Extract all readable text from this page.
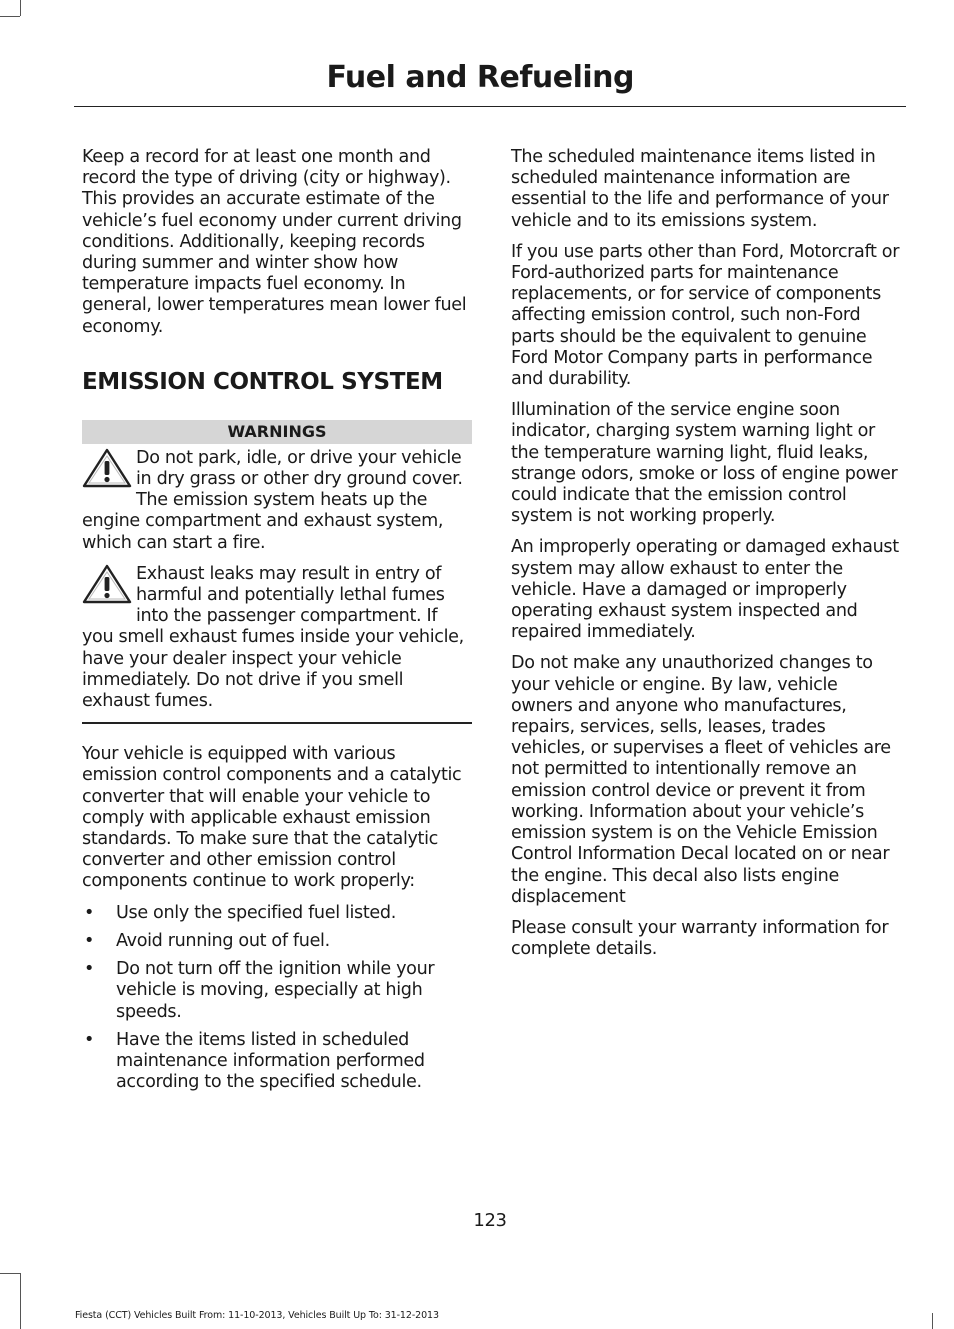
Fuel and Refueling

Keep a record for at least one month and record the type of driving (city or highway). This provides an accurate estimate of the vehicle’s fuel economy under current driving conditions. Additionally, keeping records during summer and winter show how temperature impacts fuel economy. In general, lower temperatures mean lower fuel economy.

EMISSION CONTROL SYSTEM
WARNINGS

Do not park, idle, or drive your vehicle in dry grass or other dry ground cover. The emission system heats up the engine compartment and exhaust system, which can start a fire.

Exhaust leaks may result in entry of harmful and potentially lethal fumes into the passenger compartment. If you smell exhaust fumes inside your vehicle, have your dealer inspect your vehicle immediately. Do not drive if you smell exhaust fumes.

Your vehicle is equipped with various emission control components and a catalytic converter that will enable your vehicle to comply with applicable exhaust emission standards. To make sure that the catalytic converter and other emission control components continue to work properly:

• Use only the specified fuel listed.
• Avoid running out of fuel.
• Do not turn off the ignition while your vehicle is moving, especially at high speeds.
• Have the items listed in scheduled maintenance information performed according to the specified schedule.

The scheduled maintenance items listed in scheduled maintenance information are essential to the life and performance of your vehicle and to its emissions system.

If you use parts other than Ford, Motorcraft or Ford-authorized parts for maintenance replacements, or for service of components affecting emission control, such non-Ford parts should be the equivalent to genuine Ford Motor Company parts in performance and durability.

Illumination of the service engine soon indicator, charging system warning light or the temperature warning light, fluid leaks, strange odors, smoke or loss of engine power could indicate that the emission control system is not working properly.

An improperly operating or damaged exhaust system may allow exhaust to enter the vehicle. Have a damaged or improperly operating exhaust system inspected and repaired immediately.

Do not make any unauthorized changes to your vehicle or engine. By law, vehicle owners and anyone who manufactures, repairs, services, sells, leases, trades vehicles, or supervises a fleet of vehicles are not permitted to intentionally remove an emission control device or prevent it from working. Information about your vehicle’s emission system is on the Vehicle Emission Control Information Decal located on or near the engine. This decal also lists engine displacement

Please consult your warranty information for complete details.

123

Fiesta (CCT) Vehicles Built From: 11-10-2013, Vehicles Built Up To: 31-12-2013
